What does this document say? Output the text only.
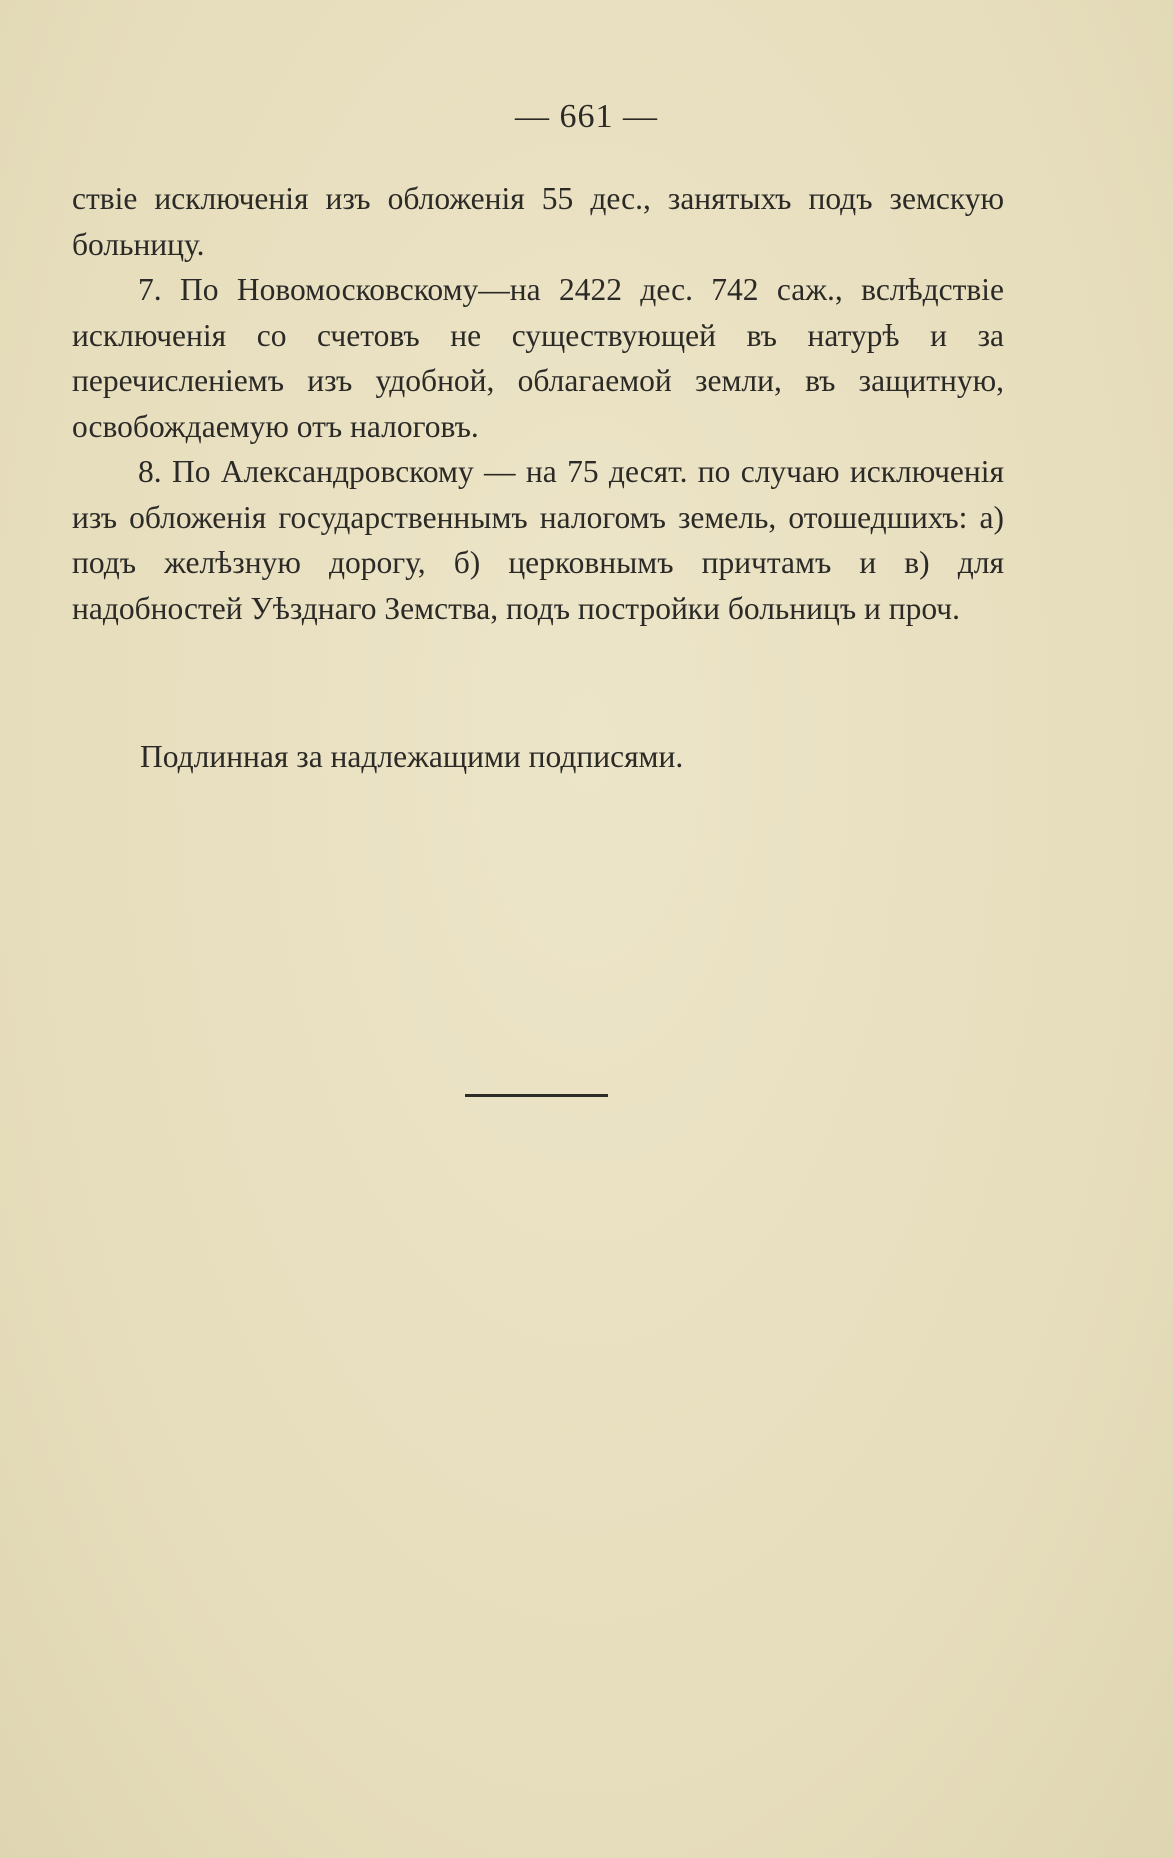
— 661 —

ствіе исключенія изъ обложенія 55 дес., занятыхъ подъ земскую больницу.

7. По Новомосковскому—на 2422 дес. 742 саж., вслѣдствіе исключенія со счетовъ не существующей въ натурѣ и за перечисленіемъ изъ удобной, облагаемой земли, въ защитную, освобождаемую отъ налоговъ.

8. По Александровскому — на 75 десят. по случаю исключенія изъ обложенія государственнымъ налогомъ земель, отошедшихъ: а) подъ желѣзную дорогу, б) церковнымъ причтамъ и в) для надобностей Уѣзднаго Земства, подъ постройки больницъ и проч.

Подлинная за надлежащими подписями.
